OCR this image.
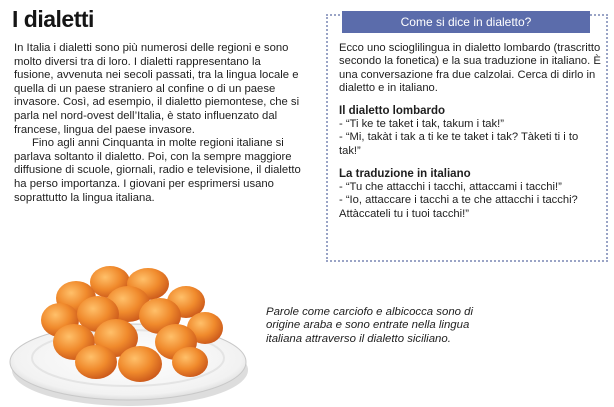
I dialetti

In Italia i dialetti sono più numerosi delle regioni e sono molto diversi tra di loro. I dialetti rappresentano la fusione, avvenuta nei secoli passati, tra la lingua locale e quella di un paese straniero al confine o di un paese invasore. Così, ad esempio, il dialetto piemontese, che si parla nel nord-ovest dell’Italia, è stato influenzato dal francese, lingua del paese invasore.

Fino agli anni Cinquanta in molte regioni italiane si parlava soltanto il dialetto. Poi, con la sempre maggiore diffusione di scuole, giornali, radio e televisione, il dialetto ha perso importanza. I giovani per esprimersi usano soprattutto la lingua italiana.

Come si dice in dialetto?

Ecco uno scioglilingua in dialetto lombardo (trascritto secondo la fonetica) e la sua traduzione in italiano. È una conversazione fra due calzolai. Cerca di dirlo in dialetto e in italiano.

Il dialetto lombardo

- “Ti ke te taket i tak, takum i tak!”

- “Mi, takàt i tak a ti ke te taket i tak? Tàketi ti i to tak!”

La traduzione in italiano

- “Tu che attacchi i tacchi, attaccami i tacchi!”

- “Io, attaccare i tacchi a te che attacchi i tacchi? Attàccateli tu i tuoi tacchi!”

Parole come carciofo e albicocca sono di origine araba e sono entrate nella lingua italiana attraverso il dialetto siciliano.
